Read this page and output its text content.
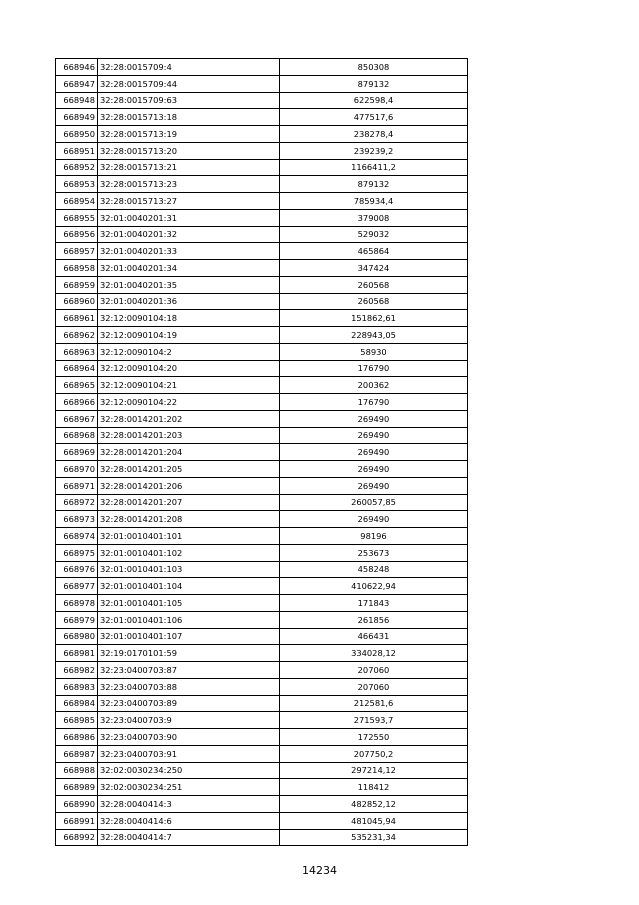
668946	32:28:0015709:4	850308
668947	32:28:0015709:44	879132
668948	32:28:0015709:63	622598,4
668949	32:28:0015713:18	477517,6
668950	32:28:0015713:19	238278,4
668951	32:28:0015713:20	239239,2
668952	32:28:0015713:21	1166411,2
668953	32:28:0015713:23	879132
668954	32:28:0015713:27	785934,4
668955	32:01:0040201:31	379008
668956	32:01:0040201:32	529032
668957	32:01:0040201:33	465864
668958	32:01:0040201:34	347424
668959	32:01:0040201:35	260568
668960	32:01:0040201:36	260568
668961	32:12:0090104:18	151862,61
668962	32:12:0090104:19	228943,05
668963	32:12:0090104:2	58930
668964	32:12:0090104:20	176790
668965	32:12:0090104:21	200362
668966	32:12:0090104:22	176790
668967	32:28:0014201:202	269490
668968	32:28:0014201:203	269490
668969	32:28:0014201:204	269490
668970	32:28:0014201:205	269490
668971	32:28:0014201:206	269490
668972	32:28:0014201:207	260057,85
668973	32:28:0014201:208	269490
668974	32:01:0010401:101	98196
668975	32:01:0010401:102	253673
668976	32:01:0010401:103	458248
668977	32:01:0010401:104	410622,94
668978	32:01:0010401:105	171843
668979	32:01:0010401:106	261856
668980	32:01:0010401:107	466431
668981	32:19:0170101:59	334028,12
668982	32:23:0400703:87	207060
668983	32:23:0400703:88	207060
668984	32:23:0400703:89	212581,6
668985	32:23:0400703:9	271593,7
668986	32:23:0400703:90	172550
668987	32:23:0400703:91	207750,2
668988	32:02:0030234:250	297214,12
668989	32:02:0030234:251	118412
668990	32:28:0040414:3	482852,12
668991	32:28:0040414:6	481045,94
668992	32:28:0040414:7	535231,34
14234
